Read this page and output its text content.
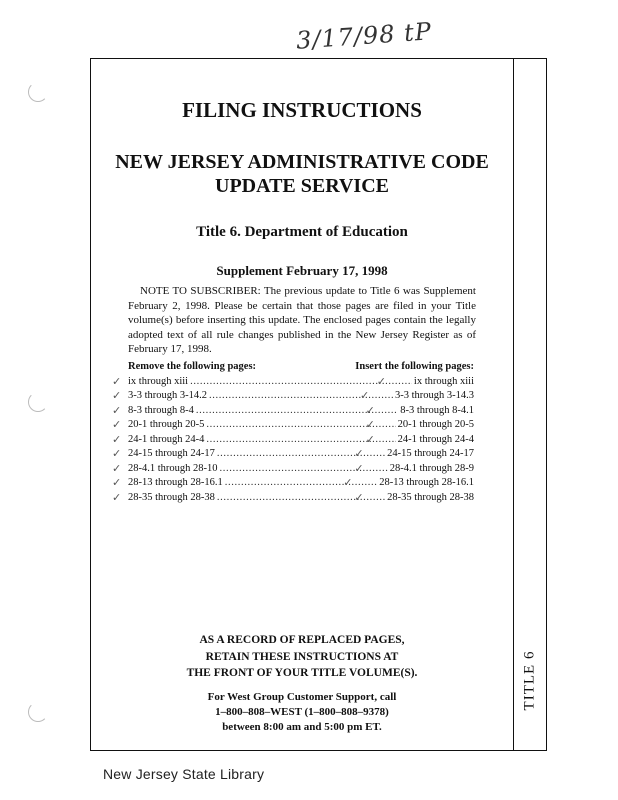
3/17/98 tP
TITLE 6
FILING INSTRUCTIONS
NEW JERSEY ADMINISTRATIVE CODE
UPDATE SERVICE
Title 6. Department of Education
Supplement February 17, 1998
NOTE TO SUBSCRIBER: The previous update to Title 6 was Supplement February 2, 1998. Please be certain that those pages are filed in your Title volume(s) before inserting this update. The enclosed pages contain the legally adopted text of all rule changes published in the New Jersey Register as of February 17, 1998.
Remove the following pages:	Insert the following pages:
✓ ix through xiii . . .	✓	ix through xiii
✓ 3-3 through 3-14.2 . . .	✓ 3-3 through 3-14.3
✓ 8-3 through 8-4 . . .	✓ 8-3 through 8-4.1
✓ 20-1 through 20-5 . . .	✓ 20-1 through 20-5
✓ 24-1 through 24-4 . . .	✓ 24-1 through 24-4
✓ 24-15 through 24-17 . . .	✓ 24-15 through 24-17
✓ 28-4.1 through 28-10 . . .	✓ 28-4.1 through 28-9
✓ 28-13 through 28-16.1 . . .	✓	28-13 through 28-16.1
✓ 28-35 through 28-38 . . .	✓ 28-35 through 28-38
AS A RECORD OF REPLACED PAGES,
RETAIN THESE INSTRUCTIONS AT
THE FRONT OF YOUR TITLE VOLUME(S).
For West Group Customer Support, call
1–800–808–WEST (1–800–808–9378)
between 8:00 am and 5:00 pm ET.
New Jersey State Library
